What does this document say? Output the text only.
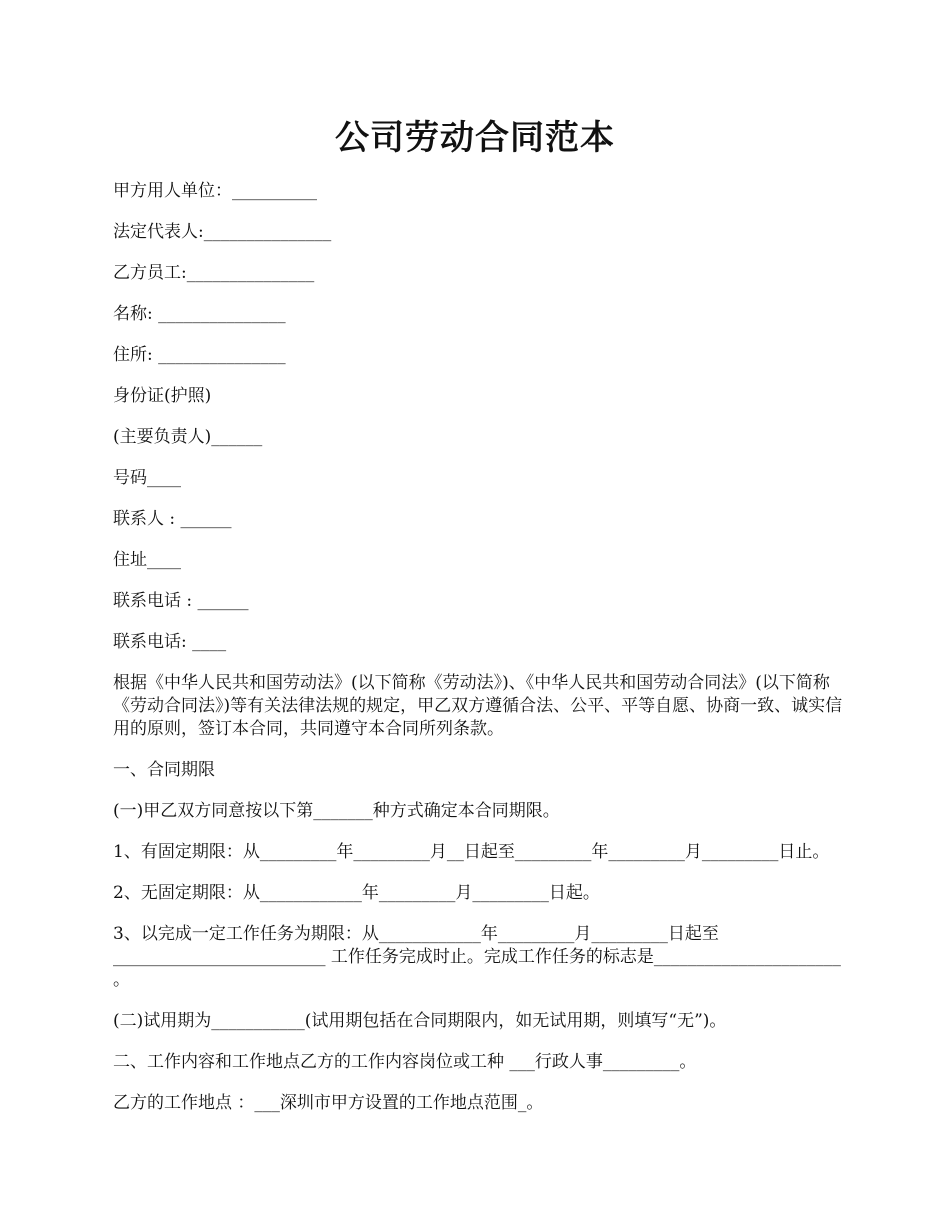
公司劳动合同范本

甲方用人单位：__________

法定代表人:_______________

乙方员工:_______________

名称: _______________

住所: _______________

身份证(护照)

(主要负责人)______

号码____

联系人 : ______

住址____

联系电话 : ______

联系电话: ____

根据《中华人民共和国劳动法》(以下简称《劳动法》)、《中华人民共和国劳动合同法》(以下简称《劳动合同法》)等有关法律法规的规定，甲乙双方遵循合法、公平、平等自愿、协商一致、诚实信用的原则，签订本合同，共同遵守本合同所列条款。

一、合同期限

(一)甲乙双方同意按以下第_______种方式确定本合同期限。

1、有固定期限：从_________年_________月__日起至_________年_________月_________日止。

2、无固定期限：从____________年_________月_________日起。

3、以完成一定工作任务为期限：从____________年_________月_________日起至_________________________ 工作任务完成时止。完成工作任务的标志是______________________ 。

(二)试用期为___________(试用期包括在合同期限内，如无试用期，则填写“无”)。

二、工作内容和工作地点乙方的工作内容岗位或工种 ___行政人事_________。

乙方的工作地点 ：___深圳市甲方设置的工作地点范围_。
